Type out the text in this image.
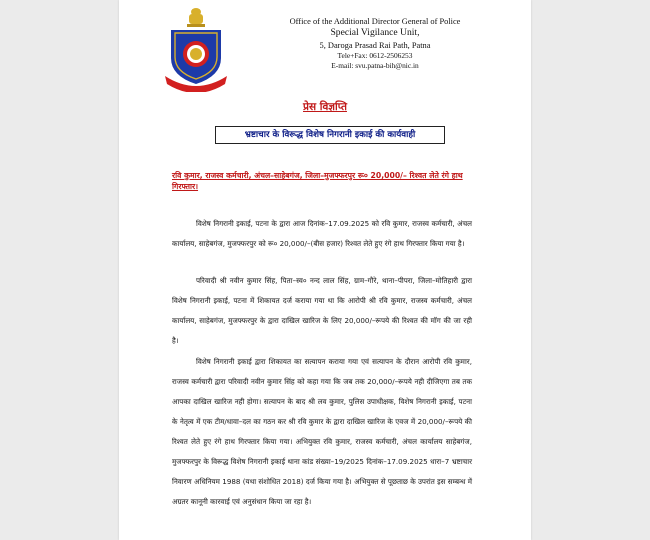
Office of the Additional Director General of Police
Special Vigilance Unit,
5, Daroga Prasad Rai Path, Patna
Tele+Fax: 0612-2506253
E-mail: svu.patna-bih@nic.in
प्रेस विज्ञप्ति
भ्रष्टाचार के विरूद्ध विशेष निगरानी इकाई की कार्यवाही
रवि कुमार, राजस्व कर्मचारी, अंचल–साहेबगंज, जिला–मुजफ्फरपुर रू० 20,000/– रिश्वत लेते रंगे हाथ गिरफ्तार।

विशेष निगरानी इकाई, पटना के द्वारा आज दिनांक–17.09.2025 को रवि कुमार, राजस्व कर्मचारी, अंचल कार्यालय, साहेबगंज, मुजफ्फरपुर को रू० 20,000/–(बीस हजार) रिश्वत लेते हुए रंगे हाथ गिरफ्तार किया गया है।

परिवादी श्री नवीन कुमार सिंह, पिता–स्व० नन्द लाल सिंह, ग्राम–गौरे, थाना–पीपरा, जिला–मोतिहारी द्वारा विशेष निगरानी इकाई, पटना में शिकायत दर्ज कराया गया था कि आरोपी श्री रवि कुमार, राजस्व कर्मचारी, अंचल कार्यालय, साहेबगंज, मुजफ्फरपुर के द्वारा दाखिल खारिज के लिए 20,000/–रूपये की रिश्वत की मॉग की जा रही है।

विशेष निगरानी इकाई द्वारा शिकायत का सत्यापन कराया गया एवं सत्यापन के दौरान आरोपी रवि कुमार, राजस्व कर्मचारी द्वारा परिवादी नवीन कुमार सिंह को कहा गया कि जब तक 20,000/–रूपये नही दीजिएगा तब तक आपका दाखिल खारिज नही होगा। सत्यापन के बाद श्री लव कुमार, पुलिस उपाधीक्षक, विशेष निगरानी इकाई, पटना के नेतृत्व में एक टीम/धावा–दल का गठन कर श्री रवि कुमार के द्वारा दाखिल खारिज के एवज में 20,000/–रूपये की रिश्वत लेते हुए रंगे हाथ गिरफ्तार किया गया। अभियुक्त रवि कुमार, राजस्व कर्मचारी, अंचल कार्यालय साहेबगंज, मुजफ्फरपुर के विरूद्ध विशेष निगरानी इकाई थाना कांड संख्या–19/2025 दिनांक–17.09.2025 धारा–7 भ्रष्टाचार निवारण अधिनियम 1988 (यथा संशोधित 2018) दर्ज किया गया है। अभियुक्त से पूछताछ के उपरांत इस सम्बन्ध में अग्रतर कानूनी कारवाई एवं अनुसंधान किया जा रहा है।
